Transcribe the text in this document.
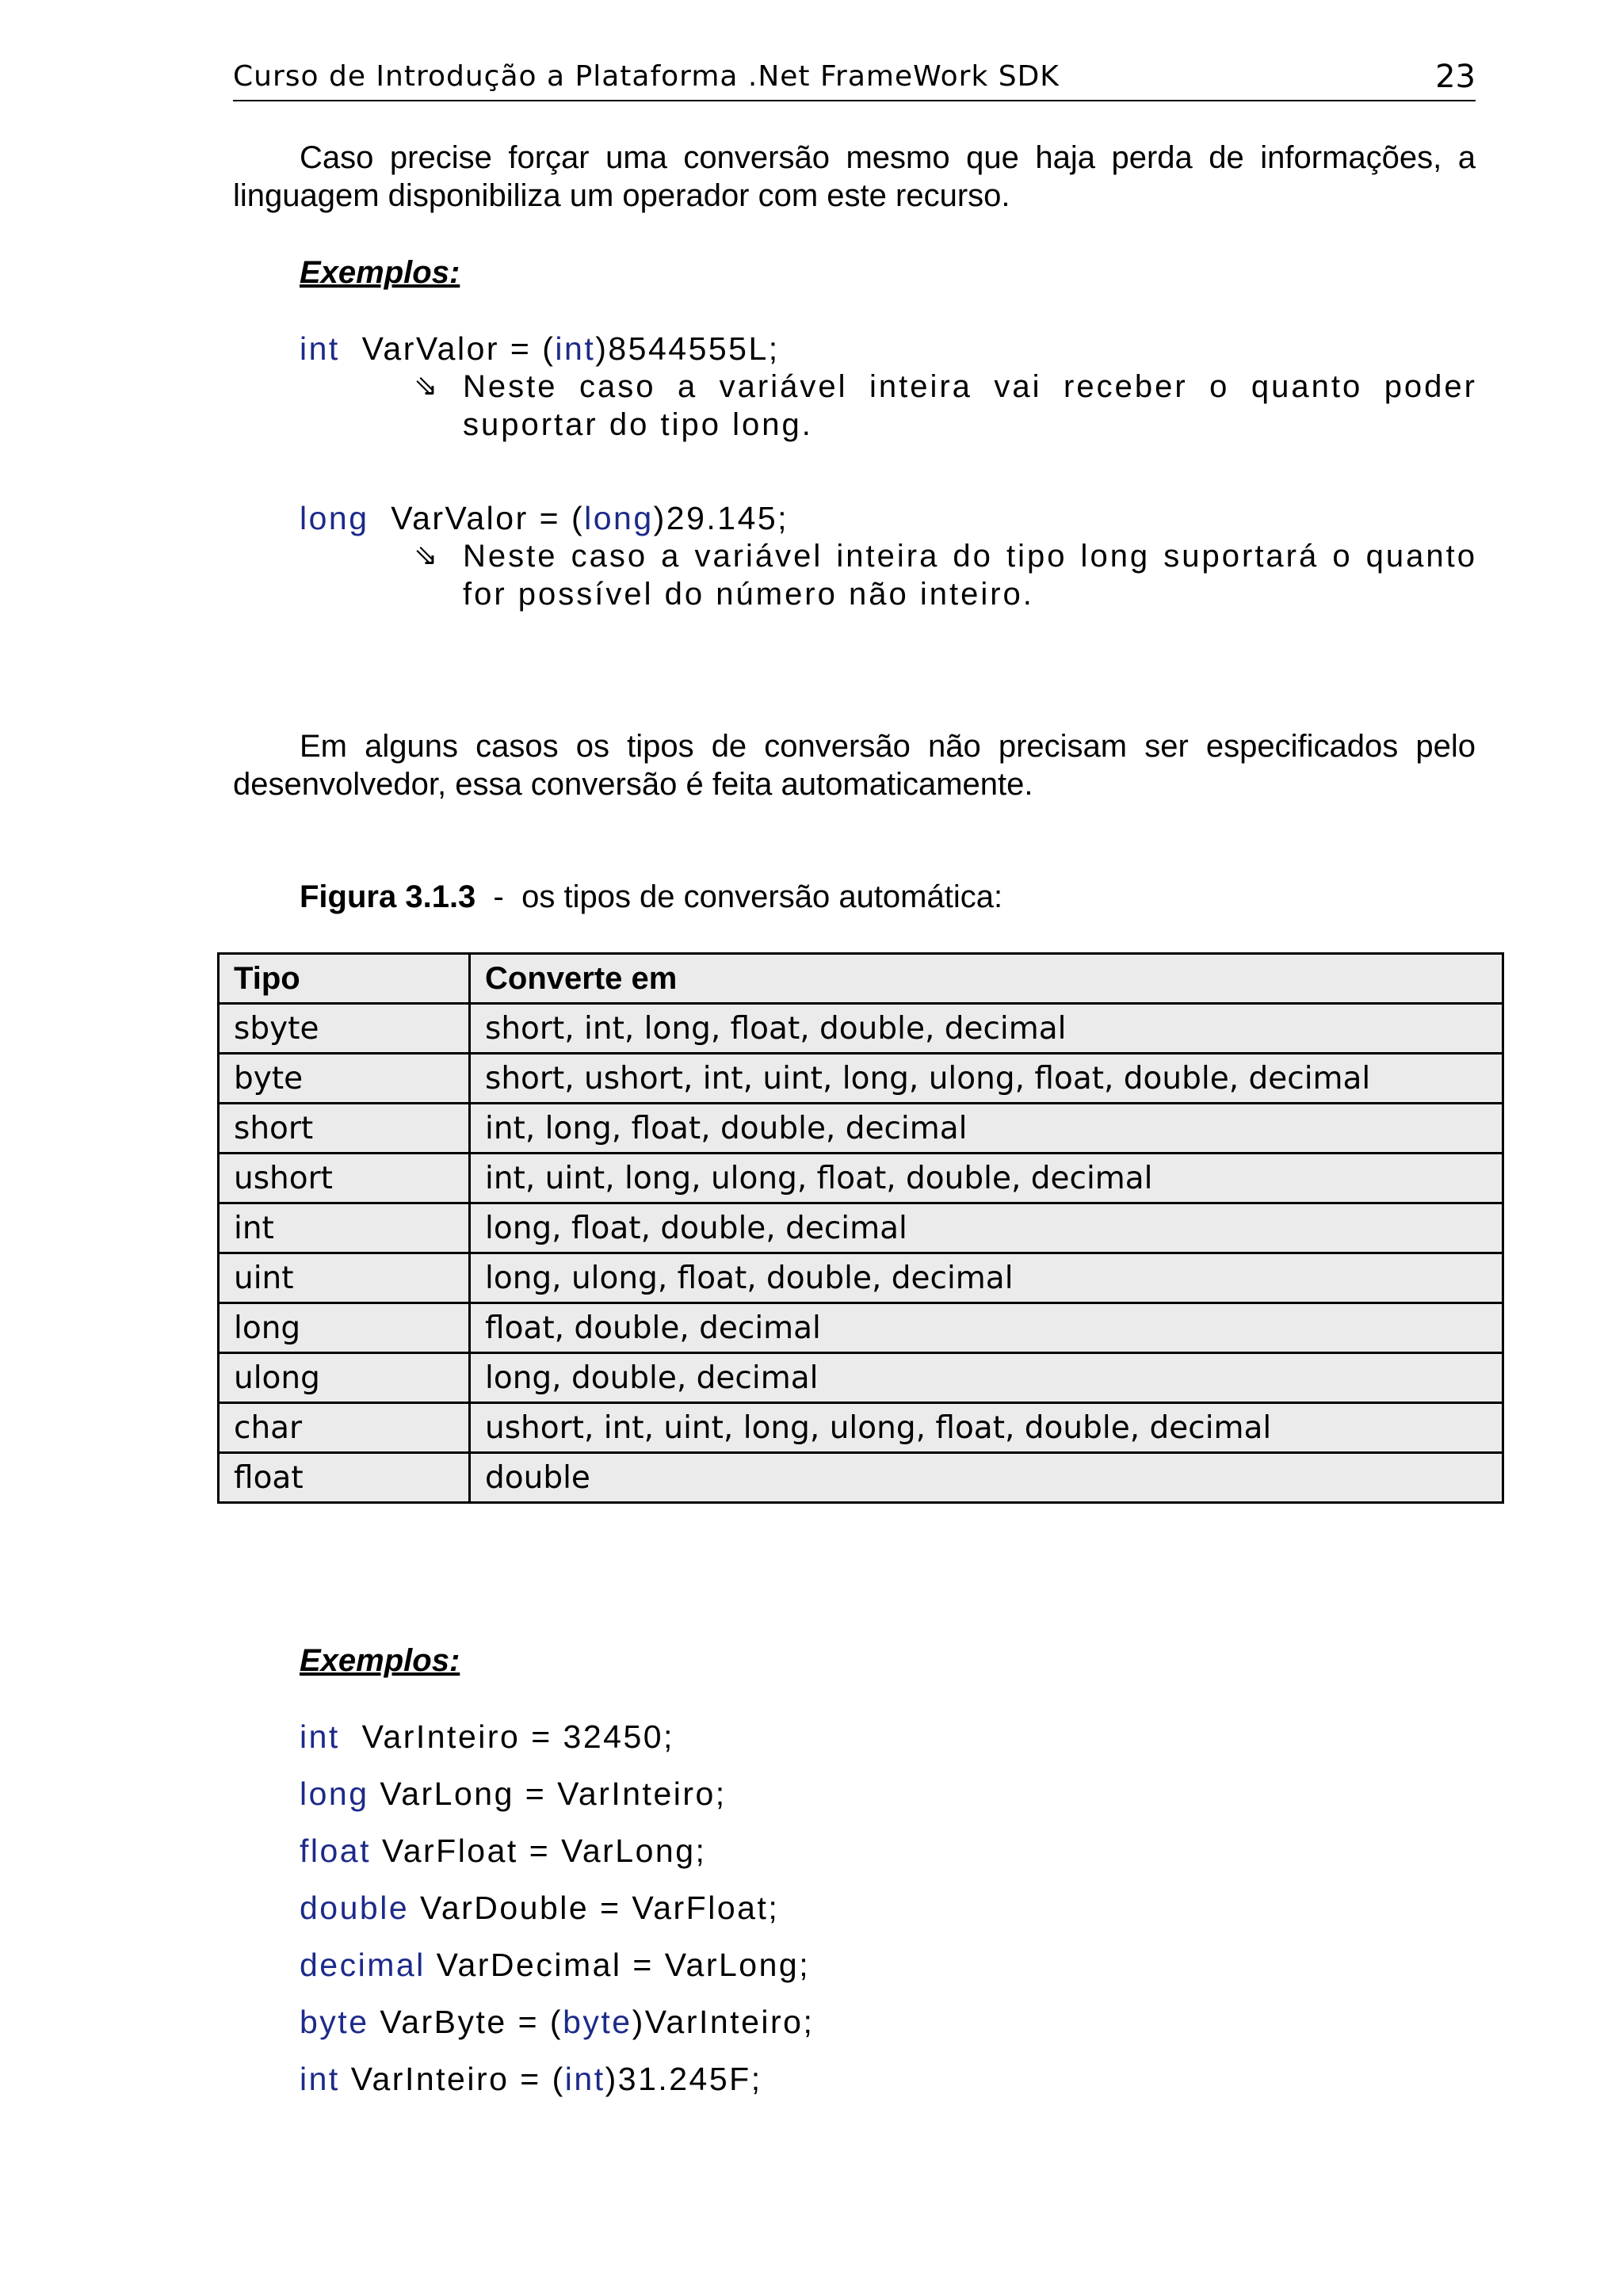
Curso de Introdução a Plataforma .Net FrameWork SDK	23

Caso precise forçar uma conversão mesmo que haja perda de informações, a linguagem disponibiliza um operador com este recurso.

Exemplos:
int  VarValor = (int)8544555L;
⇘ Neste caso a variável inteira vai receber o quanto poder suportar do tipo long.
long  VarValor = (long)29.145;
⇘ Neste caso a variável inteira do tipo long suportará o quanto for possível do número não inteiro.

Em alguns casos os tipos de conversão não precisam ser especificados pelo desenvolvedor, essa conversão é feita automaticamente.

Figura 3.1.3  -  os tipos de conversão automática:
Tipo	Converte em
sbyte	short, int, long, float, double, decimal
byte	short, ushort, int, uint, long, ulong, float, double, decimal
short	int, long, float, double, decimal
ushort	int, uint, long, ulong, float, double, decimal
int	long, float, double, decimal
uint	long, ulong, float, double, decimal
long	float, double, decimal
ulong	long, double, decimal
char	ushort, int, uint, long, ulong, float, double, decimal
float	double
Exemplos:
int  VarInteiro = 32450;
long VarLong = VarInteiro;
float VarFloat = VarLong;
double VarDouble = VarFloat;
decimal VarDecimal = VarLong;
byte VarByte = (byte)VarInteiro;
int VarInteiro = (int)31.245F;
